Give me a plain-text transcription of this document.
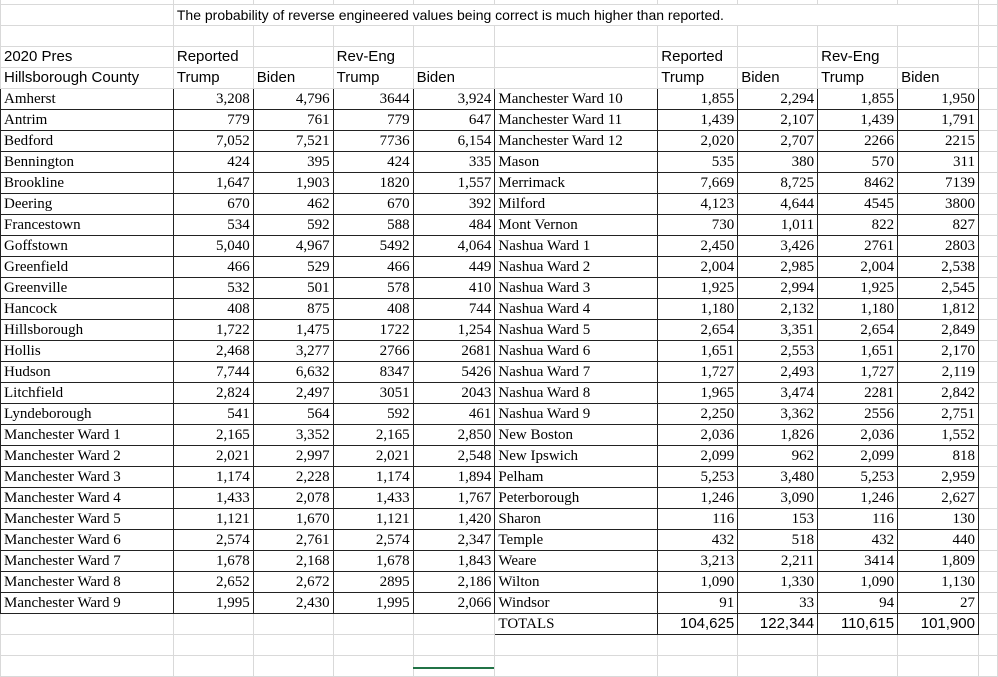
	The probability of reverse engineered values being correct is much higher than reported.									

2020 Pres	Reported		Rev-Eng			Reported		Rev-Eng		
Hillsborough County	Trump	Biden	Trump	Biden		Trump	Biden	Trump	Biden	
Amherst	3,208	4,796	3644	3,924	Manchester Ward 10	1,855	2,294	1,855	1,950	
Antrim	779	761	779	647	Manchester Ward 11	1,439	2,107	1,439	1,791	
Bedford	7,052	7,521	7736	6,154	Manchester Ward 12	2,020	2,707	2266	2215	
Bennington	424	395	424	335	Mason	535	380	570	311	
Brookline	1,647	1,903	1820	1,557	Merrimack	7,669	8,725	8462	7139	
Deering	670	462	670	392	Milford	4,123	4,644	4545	3800	
Francestown	534	592	588	484	Mont Vernon	730	1,011	822	827	
Goffstown	5,040	4,967	5492	4,064	Nashua Ward 1	2,450	3,426	2761	2803	
Greenfield	466	529	466	449	Nashua Ward 2	2,004	2,985	2,004	2,538	
Greenville	532	501	578	410	Nashua Ward 3	1,925	2,994	1,925	2,545	
Hancock	408	875	408	744	Nashua Ward 4	1,180	2,132	1,180	1,812	
Hillsborough	1,722	1,475	1722	1,254	Nashua Ward 5	2,654	3,351	2,654	2,849	
Hollis	2,468	3,277	2766	2681	Nashua Ward 6	1,651	2,553	1,651	2,170	
Hudson	7,744	6,632	8347	5426	Nashua Ward 7	1,727	2,493	1,727	2,119	
Litchfield	2,824	2,497	3051	2043	Nashua Ward 8	1,965	3,474	2281	2,842	
Lyndeborough	541	564	592	461	Nashua Ward 9	2,250	3,362	2556	2,751	
Manchester Ward 1	2,165	3,352	2,165	2,850	New Boston	2,036	1,826	2,036	1,552	
Manchester Ward 2	2,021	2,997	2,021	2,548	New Ipswich	2,099	962	2,099	818	
Manchester Ward 3	1,174	2,228	1,174	1,894	Pelham	5,253	3,480	5,253	2,959	
Manchester Ward 4	1,433	2,078	1,433	1,767	Peterborough	1,246	3,090	1,246	2,627	
Manchester Ward 5	1,121	1,670	1,121	1,420	Sharon	116	153	116	130	
Manchester Ward 6	2,574	2,761	2,574	2,347	Temple	432	518	432	440	
Manchester Ward 7	1,678	2,168	1,678	1,843	Weare	3,213	2,211	3414	1,809	
Manchester Ward 8	2,652	2,672	2895	2,186	Wilton	1,090	1,330	1,090	1,130	
Manchester Ward 9	1,995	2,430	1,995	2,066	Windsor	91	33	94	27	
					TOTALS	104,625	122,344	110,615	101,900	
